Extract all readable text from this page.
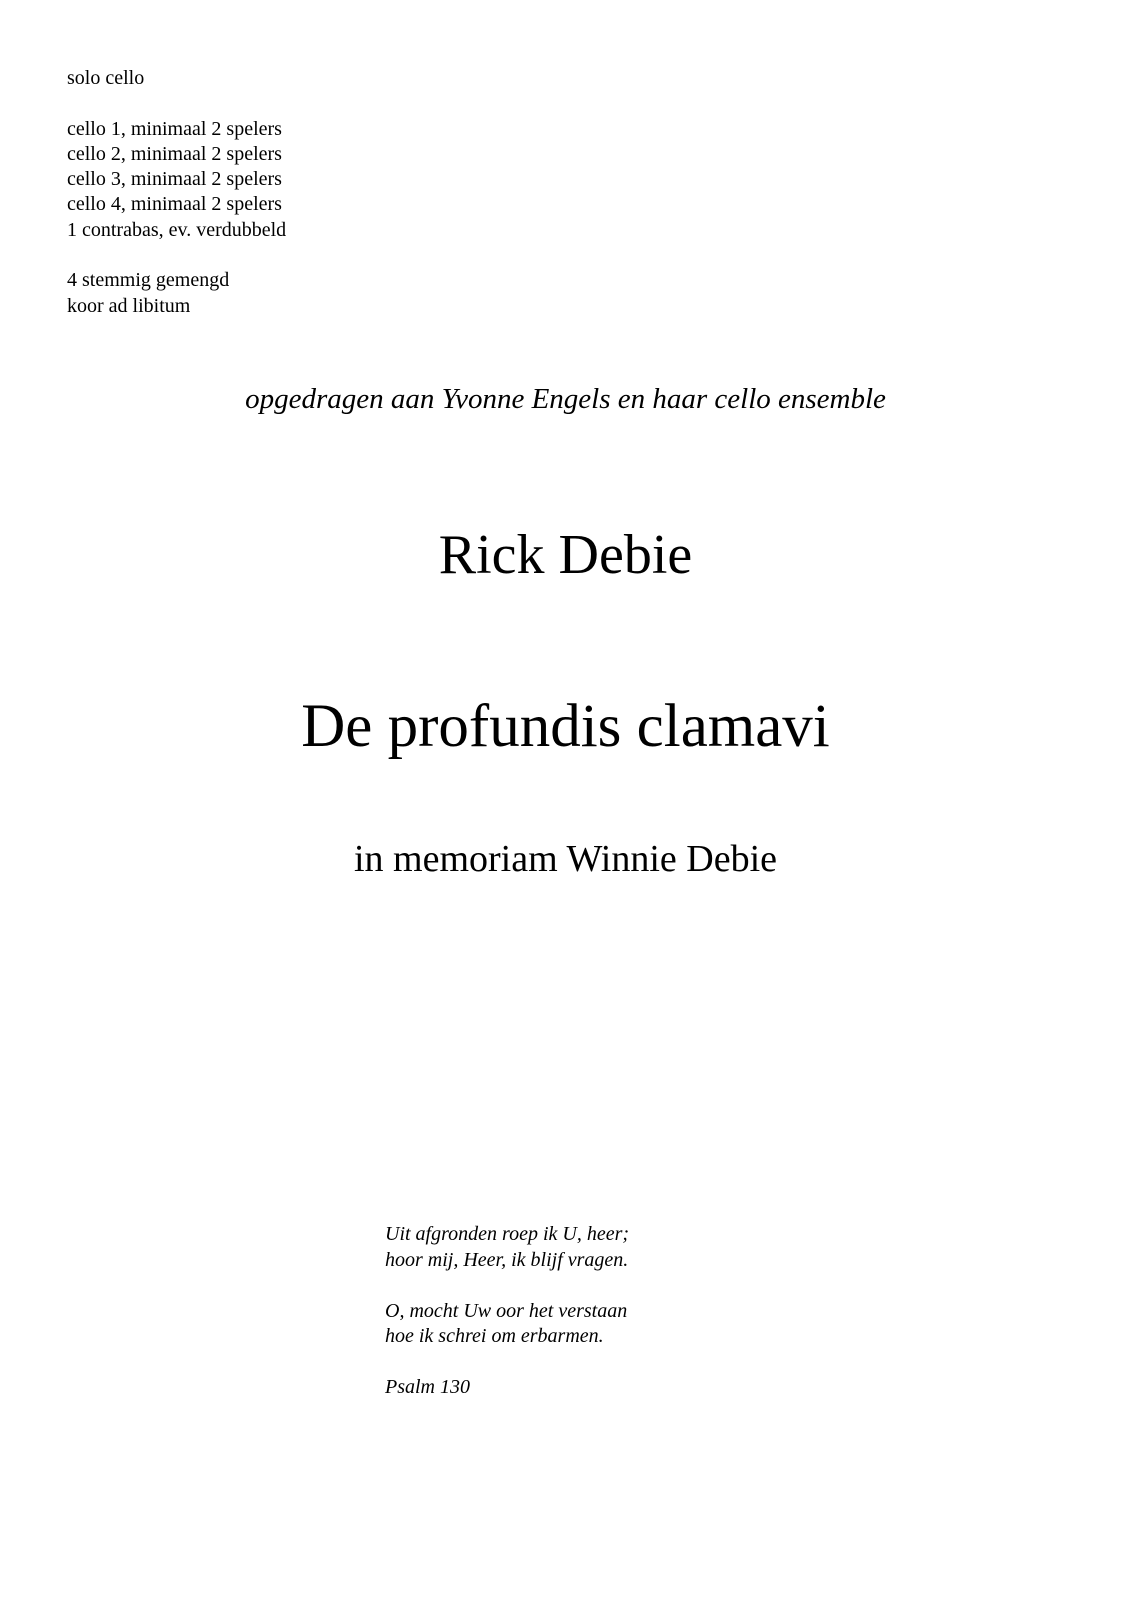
solo cello
cello 1, minimaal 2 spelers
cello 2, minimaal 2 spelers
cello 3, minimaal 2 spelers
cello 4, minimaal 2 spelers
1 contrabas, ev. verdubbeld
4 stemmig gemengd
koor ad libitum
opgedragen aan Yvonne Engels en haar cello ensemble
Rick Debie
De profundis clamavi
in memoriam Winnie Debie
Uit afgronden roep ik U, heer;
hoor mij, Heer, ik blijf vragen.
O, mocht Uw oor het verstaan
hoe ik schrei om erbarmen.
Psalm 130
